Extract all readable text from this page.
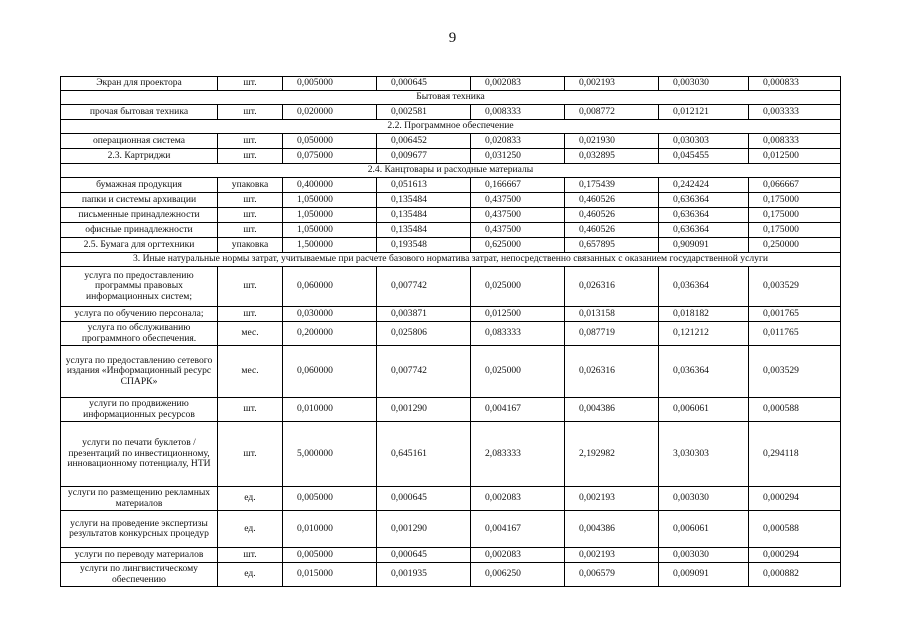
9
Экран для проектора	шт.	0,005000	0,000645	0,002083	0,002193	0,003030	0,000833
Бытовая техника							
прочая бытовая техника	шт.	0,020000	0,002581	0,008333	0,008772	0,012121	0,003333
2.2. Программное обеспечение							
операционная система	шт.	0,050000	0,006452	0,020833	0,021930	0,030303	0,008333
2.3. Картриджи	шт.	0,075000	0,009677	0,031250	0,032895	0,045455	0,012500
2.4. Канцтовары и расходные материалы							
бумажная продукция	упаковка	0,400000	0,051613	0,166667	0,175439	0,242424	0,066667
папки и системы архивации	шт.	1,050000	0,135484	0,437500	0,460526	0,636364	0,175000
письменные принадлежности	шт.	1,050000	0,135484	0,437500	0,460526	0,636364	0,175000
офисные принадлежности	шт.	1,050000	0,135484	0,437500	0,460526	0,636364	0,175000
2.5. Бумага для оргтехники	упаковка	1,500000	0,193548	0,625000	0,657895	0,909091	0,250000
3. Иные натуральные нормы затрат, учитываемые при расчете базового норматива затрат, непосредственно связанных с оказанием государственной услуги							
услуга по предоставлению программы правовых информационных систем;	шт.	0,060000	0,007742	0,025000	0,026316	0,036364	0,003529
услуга по обучению персонала;	шт.	0,030000	0,003871	0,012500	0,013158	0,018182	0,001765
услуга по обслуживанию программного обеспечения.	мес.	0,200000	0,025806	0,083333	0,087719	0,121212	0,011765
услуга по предоставлению сетевого издания «Информационный ресурс СПАРК»	мес.	0,060000	0,007742	0,025000	0,026316	0,036364	0,003529
услуги по продвижению информационных ресурсов	шт.	0,010000	0,001290	0,004167	0,004386	0,006061	0,000588
услуги по печати буклетов / презентаций по инвестиционному, инновационному потенциалу, НТИ	шт.	5,000000	0,645161	2,083333	2,192982	3,030303	0,294118
услуги по размещению рекламных материалов	ед.	0,005000	0,000645	0,002083	0,002193	0,003030	0,000294
услуги на проведение экспертизы результатов конкурсных процедур	ед.	0,010000	0,001290	0,004167	0,004386	0,006061	0,000588
услуги по переводу материалов	шт.	0,005000	0,000645	0,002083	0,002193	0,003030	0,000294
услуги по лингвистическому обеспечению	ед.	0,015000	0,001935	0,006250	0,006579	0,009091	0,000882
